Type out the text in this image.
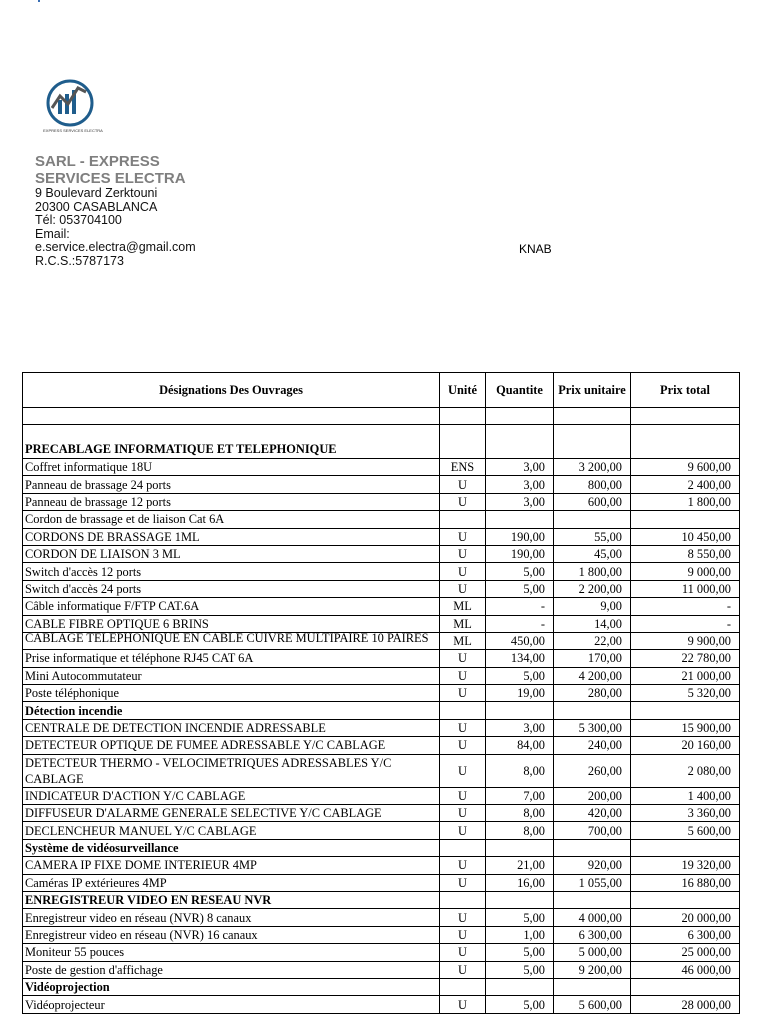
EXPRESS SERVICES ELECTRA
SARL - EXPRESS
SERVICES ELECTRA
9 Boulevard Zerktouni
20300 CASABLANCA
Tél: 053704100
Email:
e.service.electra@gmail.com
R.C.S.:5787173
KNAB
Désignations Des Ouvrages	Unité	Quantite	Prix unitaire	Prix total

PRECABLAGE INFORMATIQUE ET TELEPHONIQUE				
Coffret informatique 18U	ENS	3,00	3 200,00	9 600,00
Panneau de brassage 24 ports	U	3,00	800,00	2 400,00
Panneau de brassage 12 ports	U	3,00	600,00	1 800,00
Cordon de brassage et de liaison Cat 6A				
CORDONS DE BRASSAGE 1ML	U	190,00	55,00	10 450,00
CORDON DE LIAISON 3 ML	U	190,00	45,00	8 550,00
Switch d'accès 12 ports	U	5,00	1 800,00	9 000,00
Switch d'accès 24 ports	U	5,00	2 200,00	11 000,00
Câble informatique F/FTP CAT.6A	ML	-	9,00	-
CABLE FIBRE OPTIQUE 6 BRINS	ML	-	14,00	-
CABLAGE TELEPHONIQUE EN CABLE CUIVRE MULTIPAIRE 10 PAIRES	ML	450,00	22,00	9 900,00
Prise informatique et téléphone RJ45 CAT 6A	U	134,00	170,00	22 780,00
Mini Autocommutateur	U	5,00	4 200,00	21 000,00
Poste téléphonique	U	19,00	280,00	5 320,00
Détection incendie				
CENTRALE DE DETECTION INCENDIE ADRESSABLE	U	3,00	5 300,00	15 900,00
DETECTEUR OPTIQUE DE FUMEE ADRESSABLE Y/C CABLAGE	U	84,00	240,00	20 160,00
DETECTEUR THERMO - VELOCIMETRIQUES ADRESSABLES Y/C CABLAGE	U	8,00	260,00	2 080,00
INDICATEUR D'ACTION Y/C CABLAGE	U	7,00	200,00	1 400,00
DIFFUSEUR D'ALARME GENERALE SELECTIVE Y/C CABLAGE	U	8,00	420,00	3 360,00
DECLENCHEUR MANUEL Y/C CABLAGE	U	8,00	700,00	5 600,00
Système de vidéosurveillance				
CAMERA IP FIXE DOME INTERIEUR 4MP	U	21,00	920,00	19 320,00
Caméras IP extérieures 4MP	U	16,00	1 055,00	16 880,00
ENREGISTREUR VIDEO EN RESEAU NVR				
Enregistreur video en réseau (NVR) 8 canaux	U	5,00	4 000,00	20 000,00
Enregistreur video en réseau (NVR) 16 canaux	U	1,00	6 300,00	6 300,00
Moniteur 55 pouces	U	5,00	5 000,00	25 000,00
Poste de gestion d'affichage	U	5,00	9 200,00	46 000,00
Vidéoprojection				
Vidéoprojecteur	U	5,00	5 600,00	28 000,00
